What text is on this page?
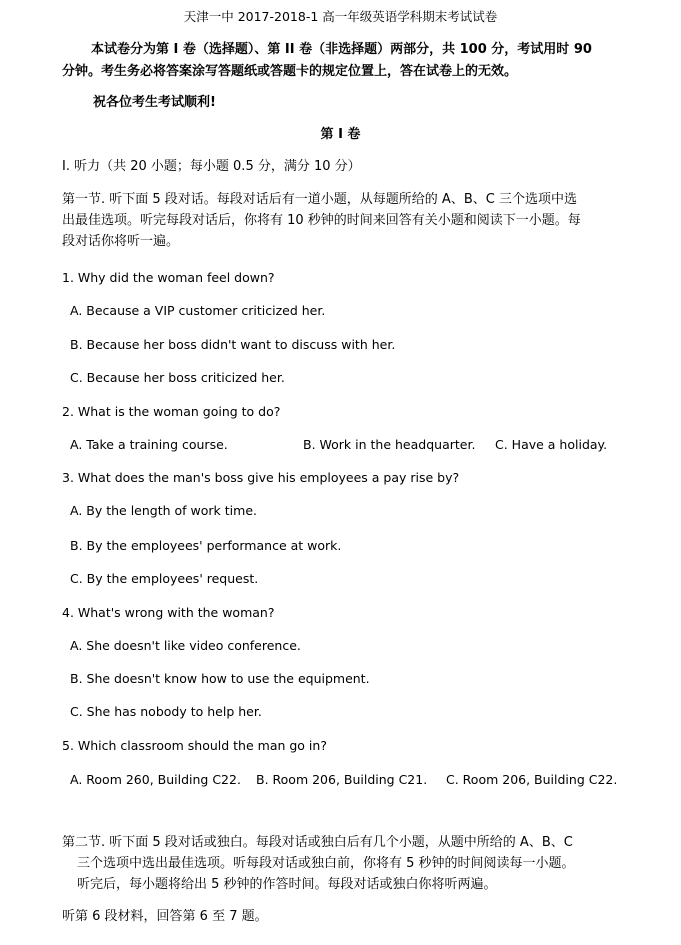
天津一中 2017-2018-1 高一年级英语学科期末考试试卷
本试卷分为第 I 卷（选择题）、第 II 卷（非选择题）两部分，共 100 分，考试用时 90
分钟。考生务必将答案涂写答题纸或答题卡的规定位置上，答在试卷上的无效。
祝各位考生考试顺利!
第 I 卷
I. 听力（共 20 小题；每小题 0.5 分，满分 10 分）
第一节. 听下面 5 段对话。每段对话后有一道小题，从每题所给的 A、B、C 三个选项中选
出最佳选项。听完每段对话后，你将有 10 秒钟的时间来回答有关小题和阅读下一小题。每
段对话你将听一遍。
1. Why did the woman feel down?
A. Because a VIP customer criticized her.
B. Because her boss didn't want to discuss with her.
C. Because her boss criticized her.
2. What is the woman going to do?
A. Take a training course.	B. Work in the headquarter. C. Have a holiday.
3. What does the man's boss give his employees a pay rise by?
A. By the length of work time.
B. By the employees' performance at work.
C. By the employees' request.
4. What's wrong with the woman?
A. She doesn't like video conference.
B. She doesn't know how to use the equipment.
C. She has nobody to help her.
5. Which classroom should the man go in?
A. Room 260, Building C22. B. Room 206, Building C21. C. Room 206, Building C22.
第二节. 听下面 5 段对话或独白。每段对话或独白后有几个小题，从题中所给的 A、B、C
三个选项中选出最佳选项。听每段对话或独白前，你将有 5 秒钟的时间阅读每一小题。
听完后，每小题将给出 5 秒钟的作答时间。每段对话或独白你将听两遍。
听第 6 段材料，回答第 6 至 7 题。
